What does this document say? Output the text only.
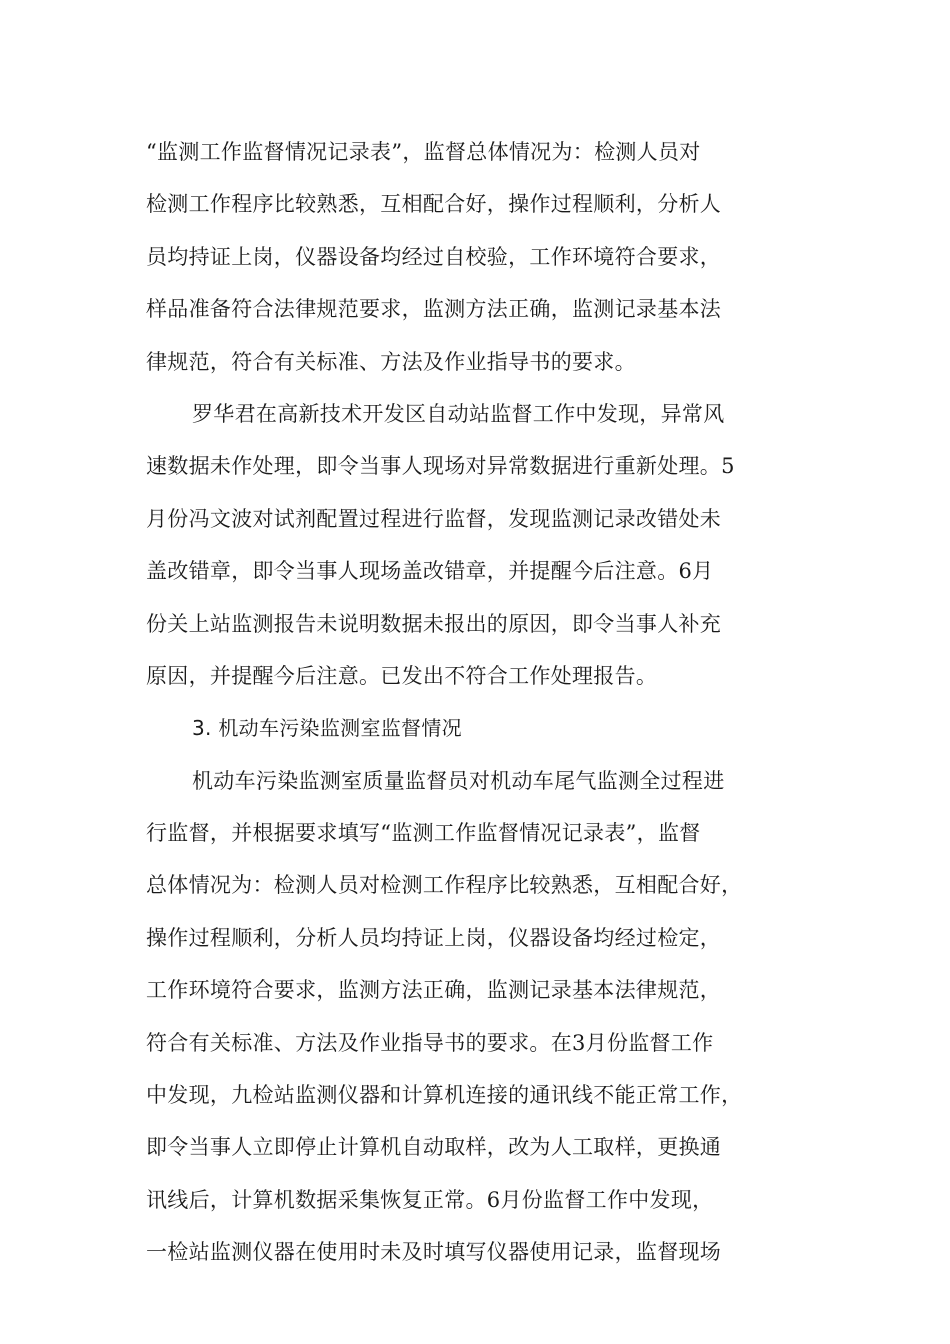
“监测工作监督情况记录表”，监督总体情况为：检测人员对
检测工作程序比较熟悉，互相配合好，操作过程顺利，分析人
员均持证上岗，仪器设备均经过自校验，工作环境符合要求，
样品准备符合法律规范要求，监测方法正确，监测记录基本法
律规范，符合有关标准、方法及作业指导书的要求。
罗华君在高新技术开发区自动站监督工作中发现，异常风
速数据未作处理，即令当事人现场对异常数据进行重新处理。5
月份冯文波对试剂配置过程进行监督，发现监测记录改错处未
盖改错章，即令当事人现场盖改错章，并提醒今后注意。6月
份关上站监测报告未说明数据未报出的原因，即令当事人补充
原因，并提醒今后注意。已发出不符合工作处理报告。
3. 机动车污染监测室监督情况
机动车污染监测室质量监督员对机动车尾气监测全过程进
行监督，并根据要求填写“监测工作监督情况记录表”，监督
总体情况为：检测人员对检测工作程序比较熟悉，互相配合好，
操作过程顺利，分析人员均持证上岗，仪器设备均经过检定，
工作环境符合要求，监测方法正确，监测记录基本法律规范，
符合有关标准、方法及作业指导书的要求。在3月份监督工作
中发现，九检站监测仪器和计算机连接的通讯线不能正常工作，
即令当事人立即停止计算机自动取样，改为人工取样，更换通
讯线后，计算机数据采集恢复正常。6月份监督工作中发现，
一检站监测仪器在使用时未及时填写仪器使用记录，监督现场
